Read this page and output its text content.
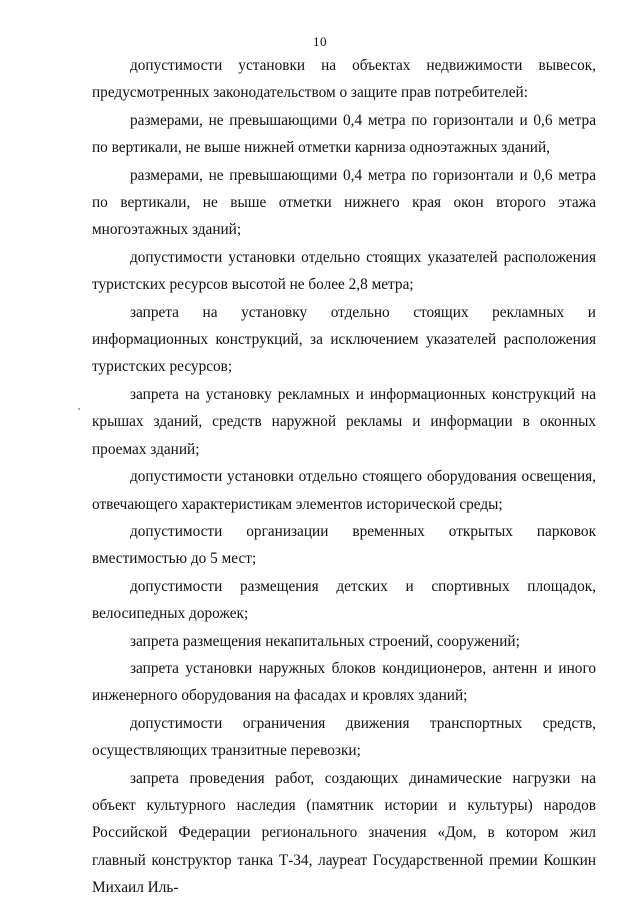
10

допустимости установки на объектах недвижимости вывесок, предусмотренных законодательством о защите прав потребителей:

размерами, не превышающими 0,4 метра по горизонтали и 0,6 метра по вертикали, не выше нижней отметки карниза одноэтажных зданий,

размерами, не превышающими 0,4 метра по горизонтали и 0,6 метра по вертикали, не выше отметки нижнего края окон второго этажа многоэтажных зданий;

допустимости установки отдельно стоящих указателей расположения туристских ресурсов высотой не более 2,8 метра;

запрета на установку отдельно стоящих рекламных и информационных конструкций, за исключением указателей расположения туристских ресурсов;

запрета на установку рекламных и информационных конструкций на крышах зданий, средств наружной рекламы и информации в оконных проемах зданий;

допустимости установки отдельно стоящего оборудования освещения, отвечающего характеристикам элементов исторической среды;

допустимости организации временных открытых парковок вместимостью до 5 мест;

допустимости размещения детских и спортивных площадок, велосипедных дорожек;

запрета размещения некапитальных строений, сооружений;

запрета установки наружных блоков кондиционеров, антенн и иного инженерного оборудования на фасадах и кровлях зданий;

допустимости ограничения движения транспортных средств, осуществляющих транзитные перевозки;

запрета проведения работ, создающих динамические нагрузки на объект культурного наследия (памятник истории и культуры) народов Российской Федерации регионального значения «Дом, в котором жил главный конструктор танка Т-34, лауреат Государственной премии Кошкин Михаил Иль-
